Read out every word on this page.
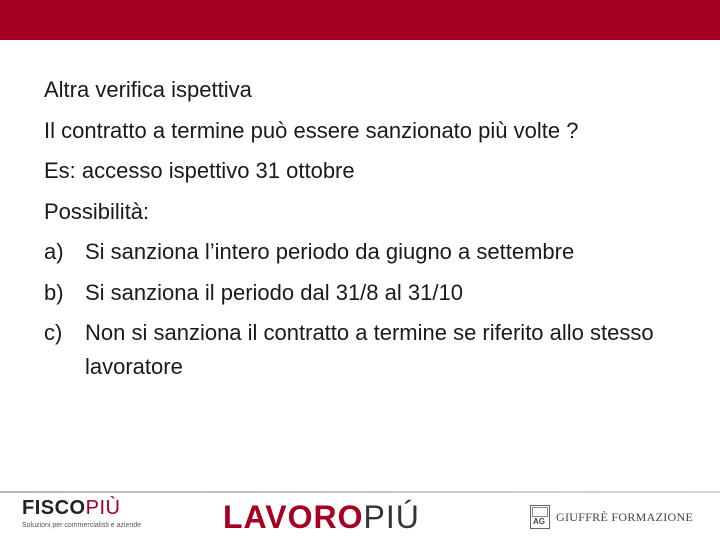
Altra verifica ispettiva
Il contratto a termine può essere sanzionato più volte ?
Es: accesso ispettivo 31 ottobre
Possibilità:
a) Si sanziona l’intero periodo da giugno a settembre
b) Si sanziona il periodo dal 31/8 al 31/10
c)	Non si sanziona il contratto a termine se riferito allo stesso lavoratore
FISCOPIÙ
Soluzioni per commercialisti e aziende	LAVOROPIÚ	AG GIUFFRÈ FORMAZIONE
